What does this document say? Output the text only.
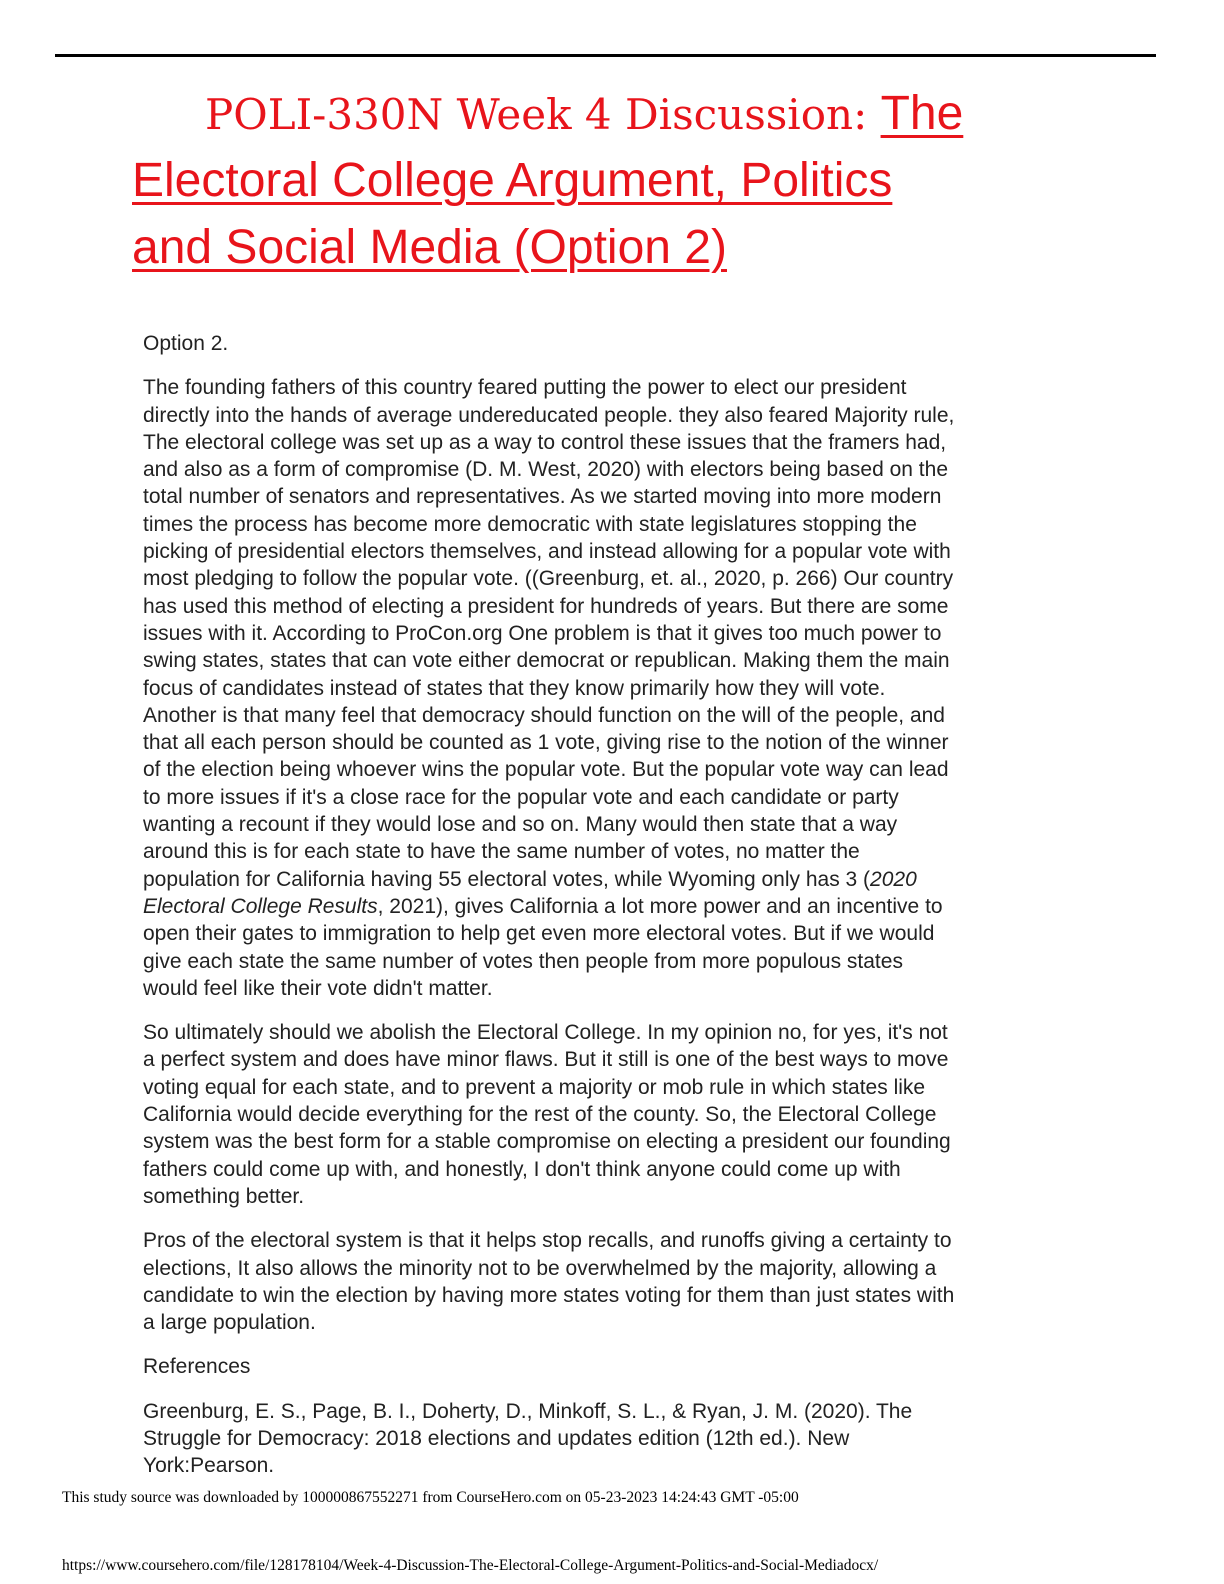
POLI-330N Week 4 Discussion: The
Electoral College Argument, Politics
and Social Media (Option 2)

Option 2.

The founding fathers of this country feared putting the power to elect our president
directly into the hands of average undereducated people. they also feared Majority rule,
The electoral college was set up as a way to control these issues that the framers had,
and also as a form of compromise (D. M. West, 2020) with electors being based on the
total number of senators and representatives. As we started moving into more modern
times the process has become more democratic with state legislatures stopping the
picking of presidential electors themselves, and instead allowing for a popular vote with
most pledging to follow the popular vote. ((Greenburg, et. al., 2020, p. 266) Our country
has used this method of electing a president for hundreds of years. But there are some
issues with it. According to ProCon.org One problem is that it gives too much power to
swing states, states that can vote either democrat or republican. Making them the main
focus of candidates instead of states that they know primarily how they will vote.
Another is that many feel that democracy should function on the will of the people, and
that all each person should be counted as 1 vote, giving rise to the notion of the winner
of the election being whoever wins the popular vote. But the popular vote way can lead
to more issues if it's a close race for the popular vote and each candidate or party
wanting a recount if they would lose and so on. Many would then state that a way
around this is for each state to have the same number of votes, no matter the
population for California having 55 electoral votes, while Wyoming only has 3 (2020
Electoral College Results, 2021), gives California a lot more power and an incentive to
open their gates to immigration to help get even more electoral votes. But if we would
give each state the same number of votes then people from more populous states
would feel like their vote didn't matter.

So ultimately should we abolish the Electoral College. In my opinion no, for yes, it's not
a perfect system and does have minor flaws. But it still is one of the best ways to move
voting equal for each state, and to prevent a majority or mob rule in which states like
California would decide everything for the rest of the county. So, the Electoral College
system was the best form for a stable compromise on electing a president our founding
fathers could come up with, and honestly, I don't think anyone could come up with
something better.

Pros of the electoral system is that it helps stop recalls, and runoffs giving a certainty to
elections, It also allows the minority not to be overwhelmed by the majority, allowing a
candidate to win the election by having more states voting for them than just states with
a large population.

References

Greenburg, E. S., Page, B. I., Doherty, D., Minkoff, S. L., & Ryan, J. M. (2020). The
Struggle for Democracy: 2018 elections and updates edition (12th ed.). New
York:Pearson.

This study source was downloaded by 100000867552271 from CourseHero.com on 05-23-2023 14:24:43 GMT -05:00
https://www.coursehero.com/file/128178104/Week-4-Discussion-The-Electoral-College-Argument-Politics-and-Social-Mediadocx/
